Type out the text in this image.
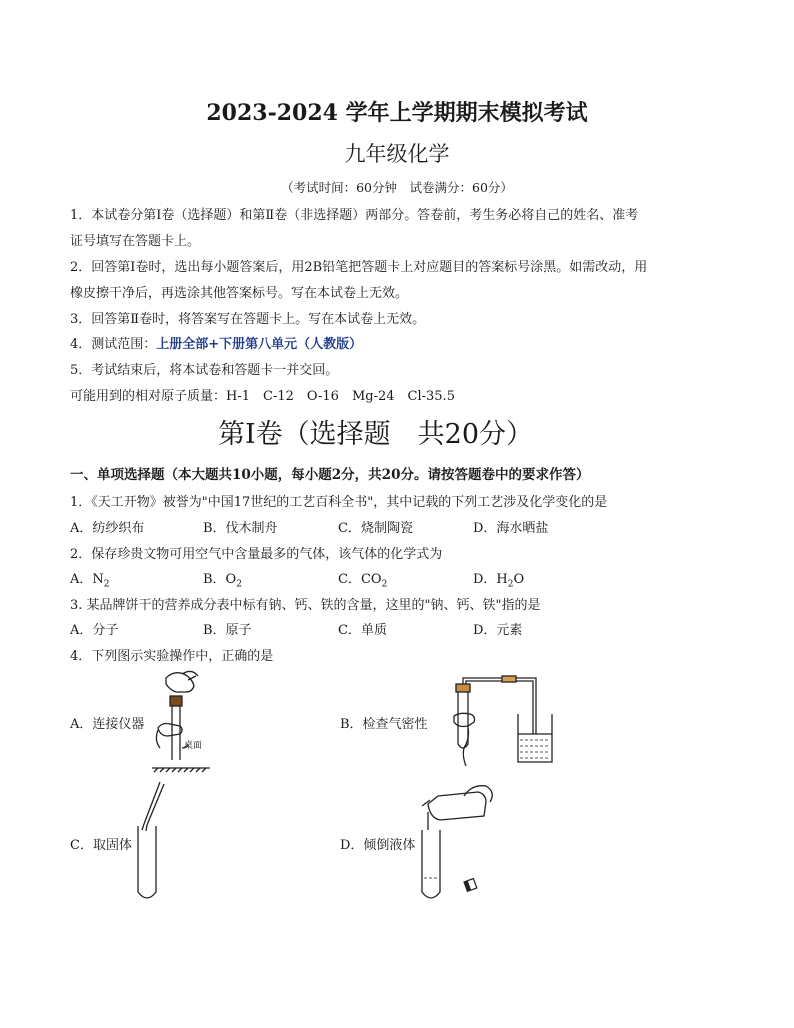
2023-2024 学年上学期期末模拟考试
九年级化学
（考试时间：60分钟　试卷满分：60分）
1．本试卷分第Ⅰ卷（选择题）和第Ⅱ卷（非选择题）两部分。答卷前，考生务必将自己的姓名、准考
证号填写在答题卡上。
2．回答第Ⅰ卷时，选出每小题答案后，用2B铅笔把答题卡上对应题目的答案标号涂黑。如需改动，用
橡皮擦干净后，再选涂其他答案标号。写在本试卷上无效。
3．回答第Ⅱ卷时，将答案写在答题卡上。写在本试卷上无效。
4．测试范围：上册全部+下册第八单元（人教版）
5．考试结束后，将本试卷和答题卡一并交回。
可能用到的相对原子质量：H-1　C-12　O-16　Mg-24　Cl-35.5
第Ⅰ卷（选择题　共20分）
一、单项选择题（本大题共10小题，每小题2分，共20分。请按答题卷中的要求作答）
1．《天工开物》被誉为"中国17世纪的工艺百科全书"，其中记载的下列工艺涉及化学变化的是
A．纺纱织布	B．伐木制舟	C．烧制陶瓷	D．海水晒盐
2．保存珍贵文物可用空气中含量最多的气体，该气体的化学式为
A．$N_2$	B．$O_2$	C．$CO_2$	D．$H_2O$
3. 某品牌饼干的营养成分表中标有钠、钙、铁的含量，这里的"钠、钙、铁"指的是
A．分子	B．原子	C．单质	D．元素
4．下列图示实验操作中，正确的是
A．连接仪器	B．检查气密性
C．取固体	D．倾倒液体
桌面
